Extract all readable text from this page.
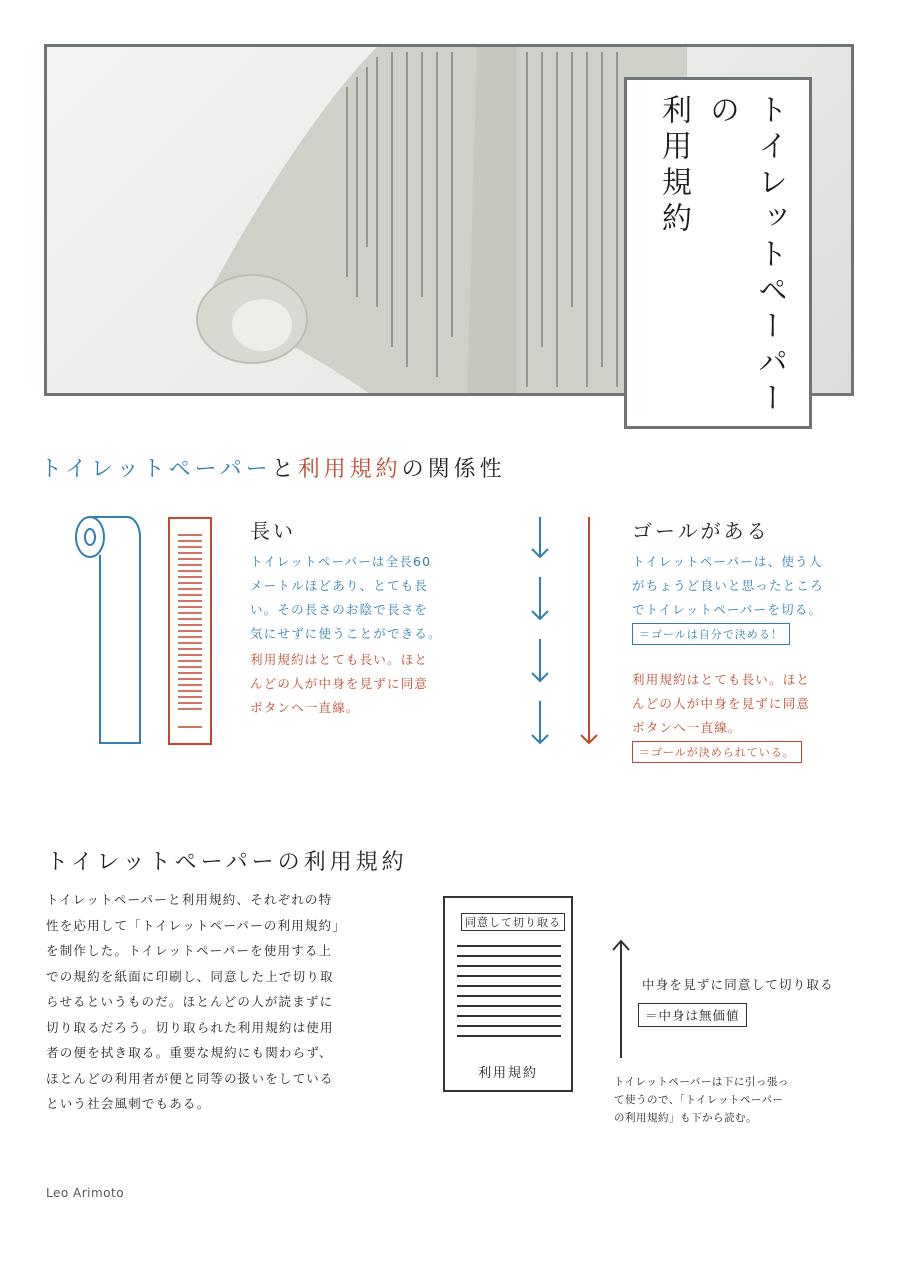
トイレットペーパー
の
利用規約
トイレットペーパーと利用規約の関係性
長い
トイレットペーパーは全長60
メートルほどあり、とても長
い。その長さのお陰で長さを
気にせずに使うことができる。
利用規約はとても長い。ほと
んどの人が中身を見ずに同意
ボタンへ一直線。
ゴールがある
トイレットペーパーは、使う人
がちょうど良いと思ったところ
でトイレットペーパーを切る。
＝ゴールは自分で決める！
利用規約はとても長い。ほと
んどの人が中身を見ずに同意
ボタンへ一直線。
＝ゴールが決められている。
トイレットペーパーの利用規約
トイレットペーパーと利用規約、それぞれの特
性を応用して「トイレットペーパーの利用規約」
を制作した。トイレットペーパーを使用する上
での規約を紙面に印刷し、同意した上で切り取
らせるというものだ。ほとんどの人が読まずに
切り取るだろう。切り取られた利用規約は使用
者の便を拭き取る。重要な規約にも関わらず、
ほとんどの利用者が便と同等の扱いをしている
という社会風刺でもある。
同意して切り取る
利用規約
中身を見ずに同意して切り取る
＝中身は無価値
トイレットペーパーは下に引っ張っ
て使うので、「トイレットペーパー
の利用規約」も下から読む。
Leo Arimoto
